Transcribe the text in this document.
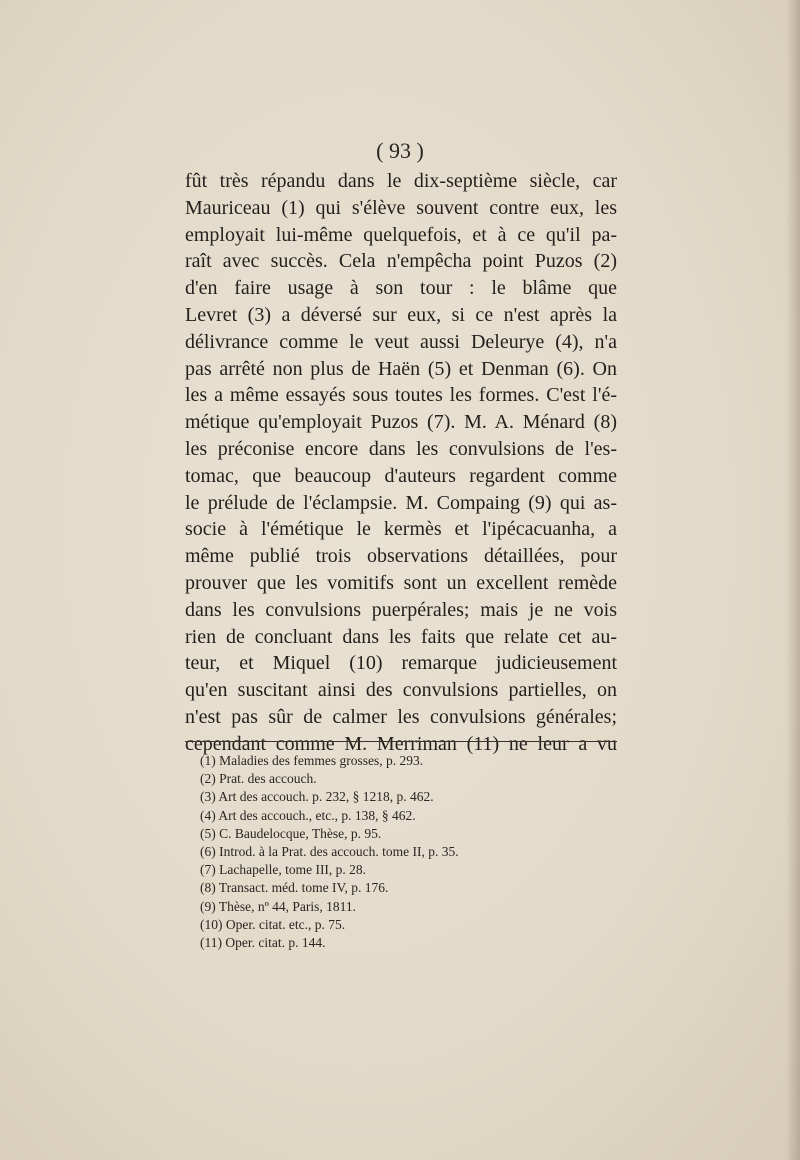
( 93 )
fût très répandu dans le dix-septième siècle, car
Mauriceau (1) qui s'élève souvent contre eux, les
employait lui-même quelquefois, et à ce qu'il pa-
raît avec succès. Cela n'empêcha point Puzos (2)
d'en faire usage à son tour : le blâme que
Levret (3) a déversé sur eux, si ce n'est après la
délivrance comme le veut aussi Deleurye (4), n'a
pas arrêté non plus de Haën (5) et Denman (6). On
les a même essayés sous toutes les formes. C'est l'é-
métique qu'employait Puzos (7). M. A. Ménard (8)
les préconise encore dans les convulsions de l'es-
tomac, que beaucoup d'auteurs regardent comme
le prélude de l'éclampsie. M. Compaing (9) qui as-
socie à l'émétique le kermès et l'ipécacuanha, a
même publié trois observations détaillées, pour
prouver que les vomitifs sont un excellent remède
dans les convulsions puerpérales; mais je ne vois
rien de concluant dans les faits que relate cet au-
teur, et Miquel (10) remarque judicieusement
qu'en suscitant ainsi des convulsions partielles, on
n'est pas sûr de calmer les convulsions générales;
cependant comme M. Merriman (11) ne leur a vu
(1) Maladies des femmes grosses, p. 293.
(2) Prat. des accouch.
(3) Art des accouch. p. 232, § 1218, p. 462.
(4) Art des accouch., etc., p. 138, § 462.
(5) C. Baudelocque, Thèse, p. 95.
(6) Introd. à la Prat. des accouch. tome II, p. 35.
(7) Lachapelle, tome III, p. 28.
(8) Transact. méd. tome IV, p. 176.
(9) Thèse, nº 44, Paris, 1811.
(10) Oper. citat. etc., p. 75.
(11) Oper. citat. p. 144.
